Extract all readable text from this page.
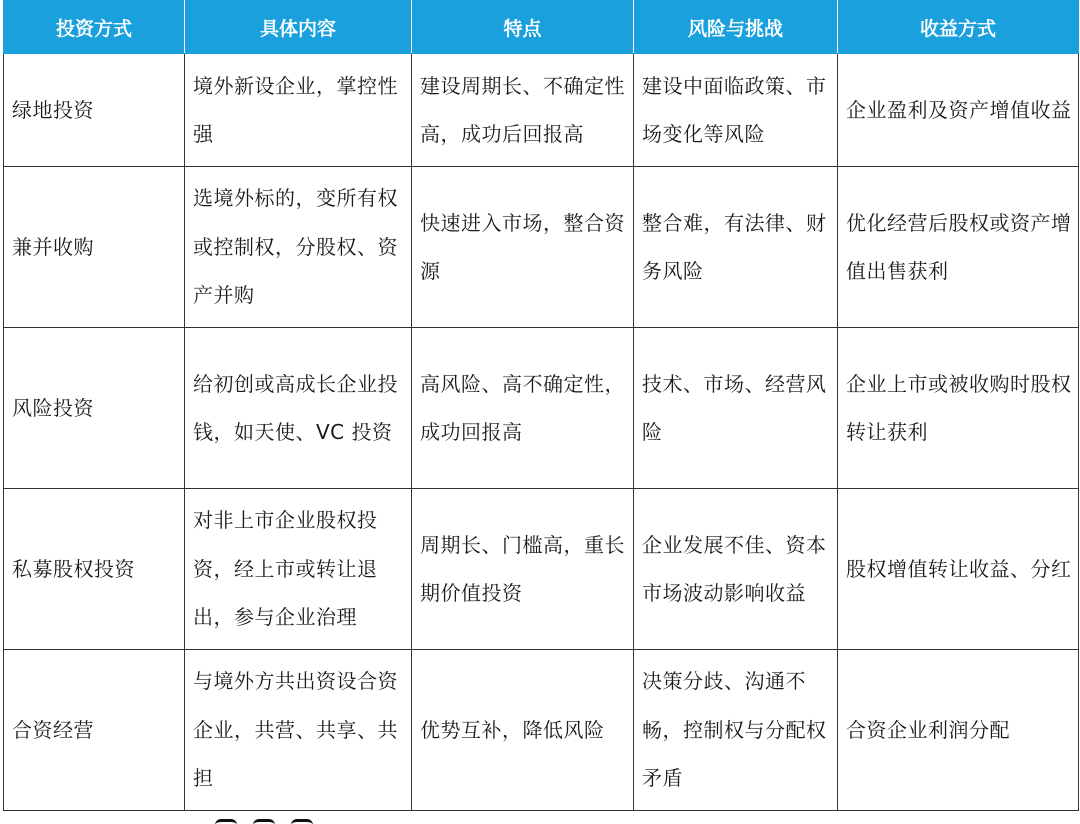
投资方式	具体内容	特点	风险与挑战	收益方式

绿地投资	境外新设企业，掌控性强	建设周期长、不确定性高，成功后回报高	建设中面临政策、市场变化等风险	企业盈利及资产增值收益

兼并收购	选境外标的，变所有权或控制权，分股权、资产并购	快速进入市场，整合资源	整合难，有法律、财务风险	优化经营后股权或资产增值出售获利

风险投资	给初创或高成长企业投钱，如天使、VC 投资	高风险、高不确定性，成功回报高	技术、市场、经营风险	企业上市或被收购时股权转让获利

私募股权投资	对非上市企业股权投资，经上市或转让退出，参与企业治理	周期长、门槛高，重长期价值投资	企业发展不佳、资本市场波动影响收益	股权增值转让收益、分红

合资经营	与境外方共出资设合资企业，共营、共享、共担	优势互补，降低风险	决策分歧、沟通不畅，控制权与分配权矛盾	合资企业利润分配
